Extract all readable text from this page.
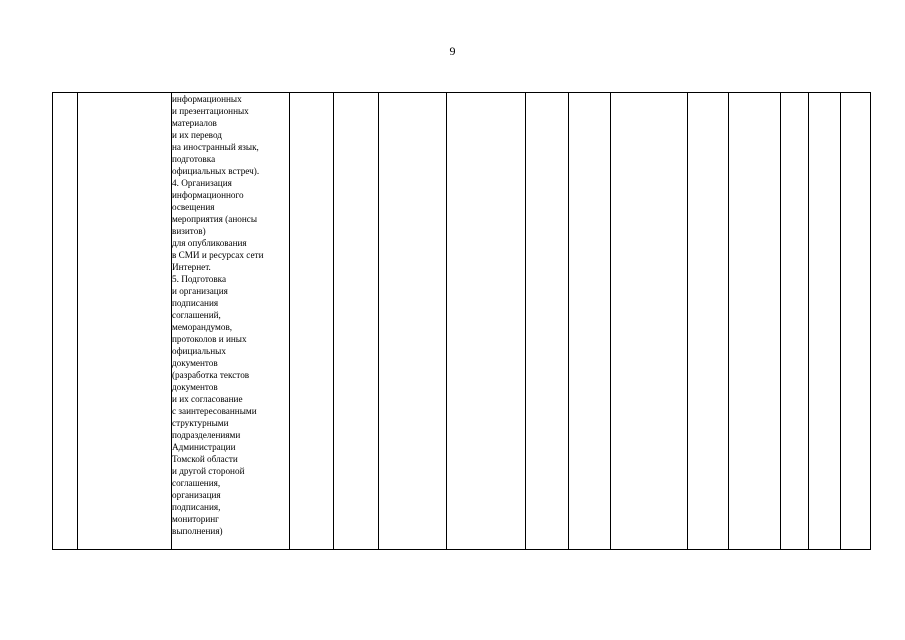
9

информационных
и презентационных
материалов
и их перевод
на иностранный язык,
подготовка
официальных встреч).
4. Организация
информационного
освещения
мероприятия (анонсы
визитов)
для опубликования
в СМИ и ресурсах сети
Интернет.
5. Подготовка
и организация
подписания
соглашений,
меморандумов,
протоколов и иных
официальных
документов
(разработка текстов
документов
и их согласование
с заинтересованными
структурными
подразделениями
Администрации
Томской области
и другой стороной
соглашения,
организация
подписания,
мониторинг
выполнения)
